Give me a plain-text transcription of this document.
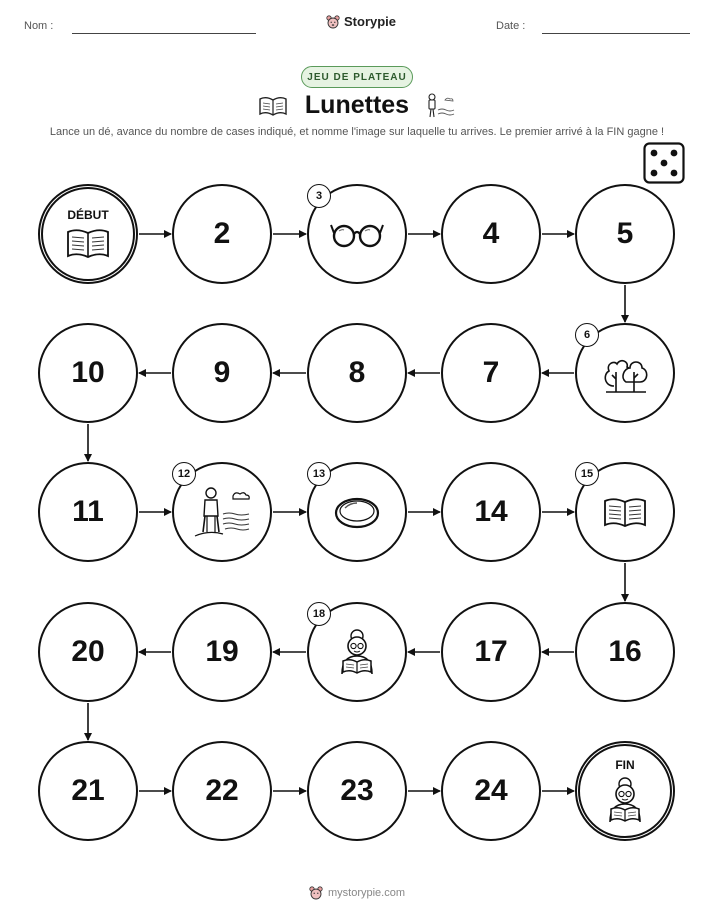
Nom :	Storypie	Date :
JEU DE PLATEAU
Lunettes
Lance un dé, avance du nombre de cases indiqué, et nomme l'image sur laquelle tu arrives. Le premier arrivé à la FIN gagne !
DÉBUT
2
3
4	5
6
7
8
9
10
11
12	13
14
15
16
17
18
19
20
21	22	23	24
FIN
mystorypie.com
